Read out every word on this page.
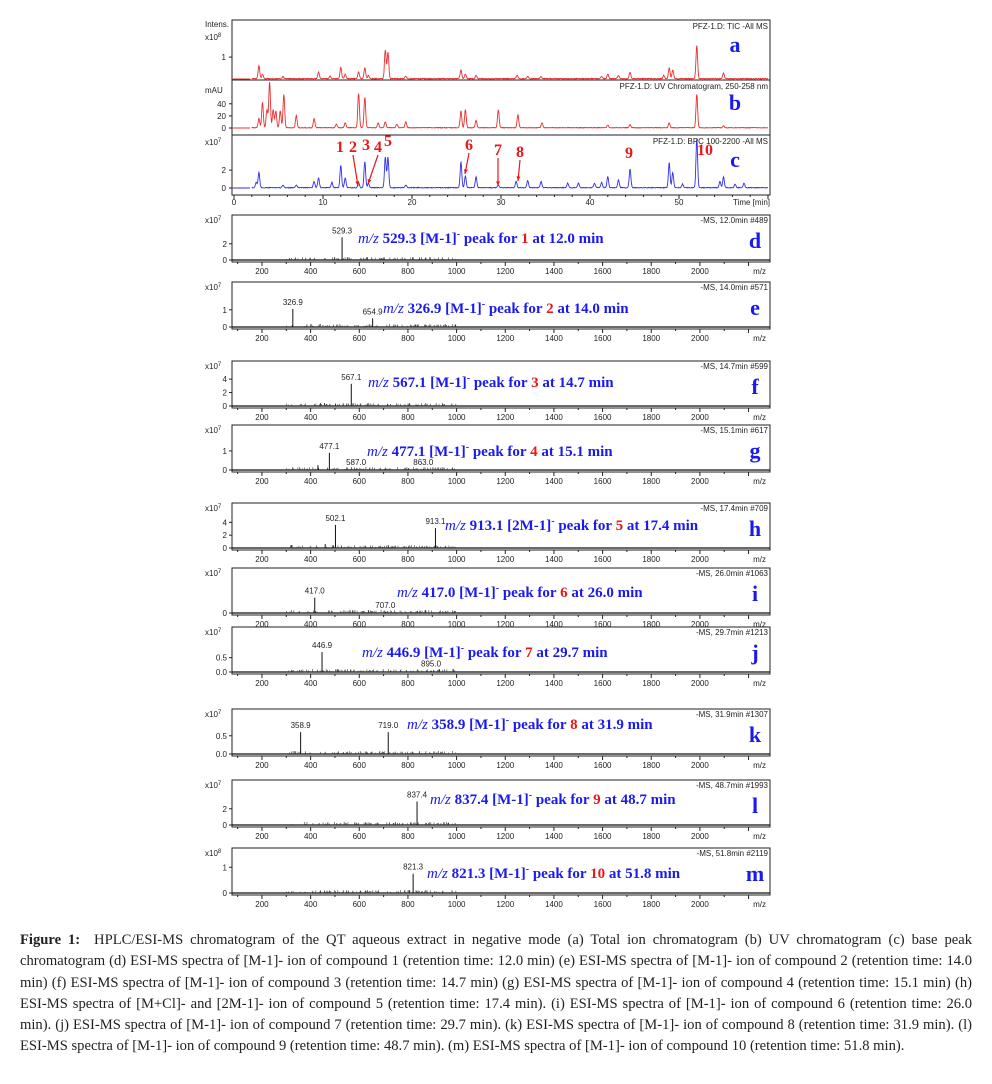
1
PFZ-1.D: TIC -All MS
a
0
20
40
PFZ-1.D: UV Chromatogram, 250-258 nm
b
0
2
PFZ-1.D: BPC 100-2200 -All MS
c
Intens.
$x10^8$
mAU
$x10^7$
0	10	20	30	40	50	Time [min]
1 2 3 4 5	6 7 8	9	10
529.3
0
2
200	400	600	800	1000	1200	1400	1600	1800	2000	m/z
$x10^7$	-MS, 12.0min #489
d
m/z 529.3 [M-1]- peak for 1 at 12.0 min
326.9
654.9
0
1
200	400	600	800	1000	1200	1400	1600	1800	2000	m/z
$x10^7$	-MS, 14.0min #571
e
m/z 326.9 [M-1]- peak for 2 at 14.0 min
567.1
0
2
4
200	400	600	800	1000	1200	1400	1600	1800	2000	m/z
$x10^7$	-MS, 14.7min #599
f
m/z 567.1 [M-1]- peak for 3 at 14.7 min
477.1
587.0	863.0
0
1
200	400	600	800	1000	1200	1400	1600	1800	2000	m/z
$x10^7$	-MS, 15.1min #617
g
m/z 477.1 [M-1]- peak for 4 at 15.1 min
502.1	913.1
0
2
4
200	400	600	800	1000	1200	1400	1600	1800	2000	m/z
$x10^7$	-MS, 17.4min #709
h
m/z 913.1 [2M-1]- peak for 5 at 17.4 min
417.0
707.0
0
200	400	600	800	1000	1200	1400	1600	1800	2000	m/z
$x10^7$	-MS, 26.0min #1063
i
m/z 417.0 [M-1]- peak for 6 at 26.0 min
446.9
895.0
0.0
0.5
200	400	600	800	1000	1200	1400	1600	1800	2000	m/z
$x10^7$	-MS, 29.7min #1213
j
m/z 446.9 [M-1]- peak for 7 at 29.7 min
358.9	719.0
0.0
0.5
200	400	600	800	1000	1200	1400	1600	1800	2000	m/z
$x10^7$	-MS, 31.9min #1307
k
m/z 358.9 [M-1]- peak for 8 at 31.9 min
837.4
0
2
200	400	600	800	1000	1200	1400	1600	1800	2000	m/z
$x10^7$	-MS, 48.7min #1993
l
m/z 837.4 [M-1]- peak for 9 at 48.7 min
821.3
0
1
200	400	600	800	1000	1200	1400	1600	1800	2000	m/z
$x10^8$	-MS, 51.8min #2119
m
m/z 821.3 [M-1]- peak for 10 at 51.8 min
Figure 1: HPLC/ESI-MS chromatogram of the QT aqueous extract in negative mode (a) Total ion chromatogram (b) UV chromatogram (c) base peak chromatogram (d) ESI-MS spectra of [M-1]- ion of compound 1 (retention time: 12.0 min) (e) ESI-MS spectra of [M-1]- ion of compound 2 (retention time: 14.0 min) (f) ESI-MS spectra of [M-1]- ion of compound 3 (retention time: 14.7 min) (g) ESI-MS spectra of [M-1]- ion of compound 4 (retention time: 15.1 min) (h) ESI-MS spectra of [M+Cl]- and [2M-1]- ion of compound 5 (retention time: 17.4 min). (i) ESI-MS spectra of [M-1]- ion of compound 6 (retention time: 26.0 min). (j) ESI-MS spectra of [M-1]- ion of compound 7 (retention time: 29.7 min). (k) ESI-MS spectra of [M-1]- ion of compound 8 (retention time: 31.9 min). (l) ESI-MS spectra of [M-1]- ion of compound 9 (retention time: 48.7 min). (m) ESI-MS spectra of [M-1]- ion of compound 10 (retention time: 51.8 min).
